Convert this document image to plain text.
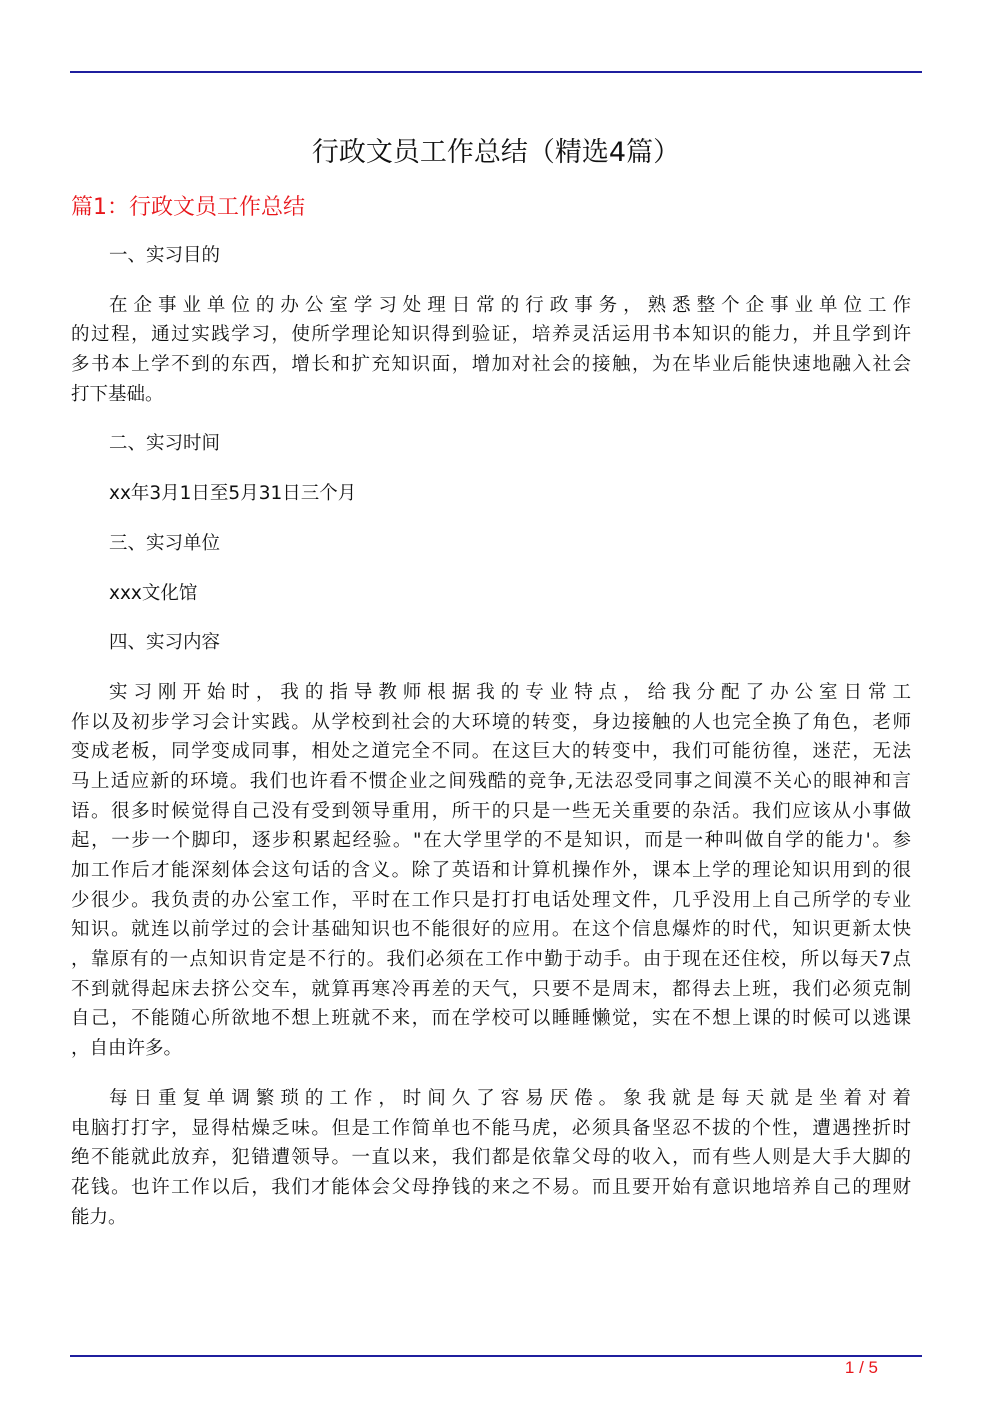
行政文员工作总结（精选4篇）
篇1：行政文员工作总结
一、实习目的
在企事业单位的办公室学习处理日常的行政事务，熟悉整个企事业单位工作
的过程，通过实践学习，使所学理论知识得到验证，培养灵活运用书本知识的能力，并且学到许
多书本上学不到的东西，增长和扩充知识面，增加对社会的接触，为在毕业后能快速地融入社会
打下基础。
二、实习时间
xx年3月1日至5月31日三个月
三、实习单位
xxx文化馆
四、实习内容
实习刚开始时，我的指导教师根据我的专业特点，给我分配了办公室日常工
作以及初步学习会计实践。从学校到社会的大环境的转变，身边接触的人也完全换了角色，老师
变成老板，同学变成同事，相处之道完全不同。在这巨大的转变中，我们可能彷徨，迷茫，无法
马上适应新的环境。我们也许看不惯企业之间残酷的竞争,无法忍受同事之间漠不关心的眼神和言
语。很多时候觉得自己没有受到领导重用，所干的只是一些无关重要的杂活。我们应该从小事做
起，一步一个脚印，逐步积累起经验。"在大学里学的不是知识，而是一种叫做自学的能力'。参
加工作后才能深刻体会这句话的含义。除了英语和计算机操作外，课本上学的理论知识用到的很
少很少。我负责的办公室工作，平时在工作只是打打电话处理文件，几乎没用上自己所学的专业
知识。就连以前学过的会计基础知识也不能很好的应用。在这个信息爆炸的时代，知识更新太快
，靠原有的一点知识肯定是不行的。我们必须在工作中勤于动手。由于现在还住校，所以每天7点
不到就得起床去挤公交车，就算再寒冷再差的天气，只要不是周末，都得去上班，我们必须克制
自己，不能随心所欲地不想上班就不来，而在学校可以睡睡懒觉，实在不想上课的时候可以逃课
，自由许多。
每日重复单调繁琐的工作，时间久了容易厌倦。象我就是每天就是坐着对着
电脑打打字，显得枯燥乏味。但是工作简单也不能马虎，必须具备坚忍不拔的个性，遭遇挫折时
绝不能就此放弃，犯错遭领导。一直以来，我们都是依靠父母的收入，而有些人则是大手大脚的
花钱。也许工作以后，我们才能体会父母挣钱的来之不易。而且要开始有意识地培养自己的理财
能力。
1 / 5
